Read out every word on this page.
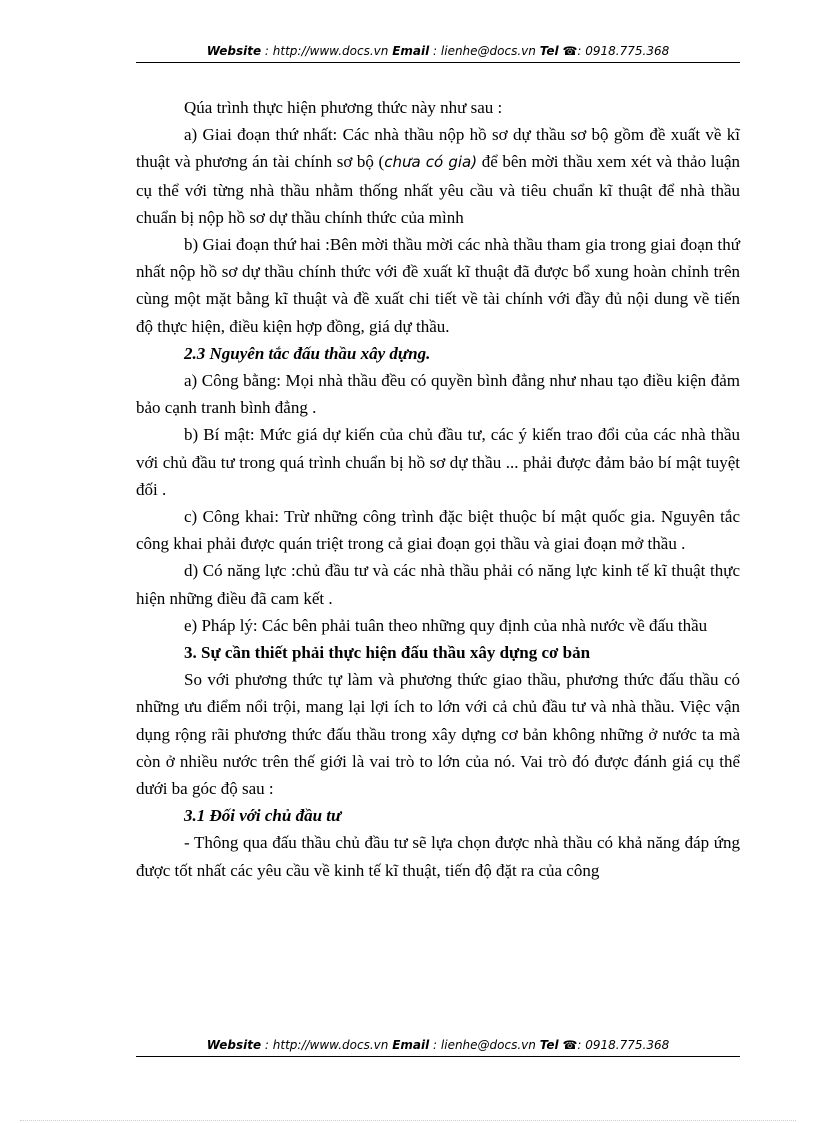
Website : http://www.docs.vn Email : lienhe@docs.vn Tel ☎: 0918.775.368

Qúa trình thực hiện phương thức này như sau :

a) Giai đoạn thứ nhất: Các nhà thầu nộp hồ sơ dự thầu sơ bộ gồm đề xuất về kĩ thuật và phương án tài chính sơ bộ (chưa có gia) để bên mời thầu xem xét và thảo luận cụ thể với từng nhà thầu nhằm thống nhất yêu cầu và tiêu chuẩn kĩ thuật để nhà thầu chuẩn bị nộp hồ sơ dự thầu chính thức của mình

b) Giai đoạn thứ hai :Bên mời thầu mời các nhà thầu tham gia trong giai đoạn thứ nhất nộp hồ sơ dự thầu chính thức với đề xuất kĩ thuật đã được bổ xung hoàn chỉnh trên cùng một mặt bằng kĩ thuật và đề xuất chi tiết về tài chính với đầy đủ nội dung về tiến độ thực hiện, điều kiện hợp đồng, giá dự thầu.

2.3 Nguyên tắc đấu thầu xây dựng.

a) Công bằng: Mọi nhà thầu đều có quyền bình đẳng như nhau tạo điều kiện đảm bảo cạnh tranh bình đẳng .

b) Bí mật: Mức giá dự kiến của chủ đầu tư, các ý kiến trao đổi của các nhà thầu với chủ đầu tư trong quá trình chuẩn bị hồ sơ dự thầu ... phải được đảm bảo bí mật tuyệt đối .

c) Công khai: Trừ những công trình đặc biệt thuộc bí mật quốc gia. Nguyên tắc công khai phải được quán triệt trong cả giai đoạn gọi thầu và giai đoạn mở thầu .

d) Có năng lực :chủ đầu tư và các nhà thầu phải có năng lực kinh tế kĩ thuật thực hiện những điều đã cam kết .

e) Pháp lý: Các bên phải tuân theo những quy định của nhà nước về đấu thầu

3. Sự cần thiết phải thực hiện đấu thầu xây dựng cơ bản

So với phương thức tự làm và phương thức giao thầu, phương thức đấu thầu có những ưu điểm nổi trội, mang lại lợi ích to lớn với cả chủ đầu tư và nhà thầu. Việc vận dụng rộng rãi phương thức đấu thầu trong xây dựng cơ bản không những ở nước ta mà còn ở nhiều nước trên thế giới là vai trò to lớn của nó. Vai trò đó được đánh giá cụ thể dưới ba góc độ sau :

3.1 Đối với chủ đầu tư

- Thông qua đấu thầu chủ đầu tư sẽ lựa chọn được nhà thầu có khả năng đáp ứng được tốt nhất các yêu cầu về kinh tế kĩ thuật, tiến độ đặt ra của công

Website : http://www.docs.vn Email : lienhe@docs.vn Tel ☎: 0918.775.368
